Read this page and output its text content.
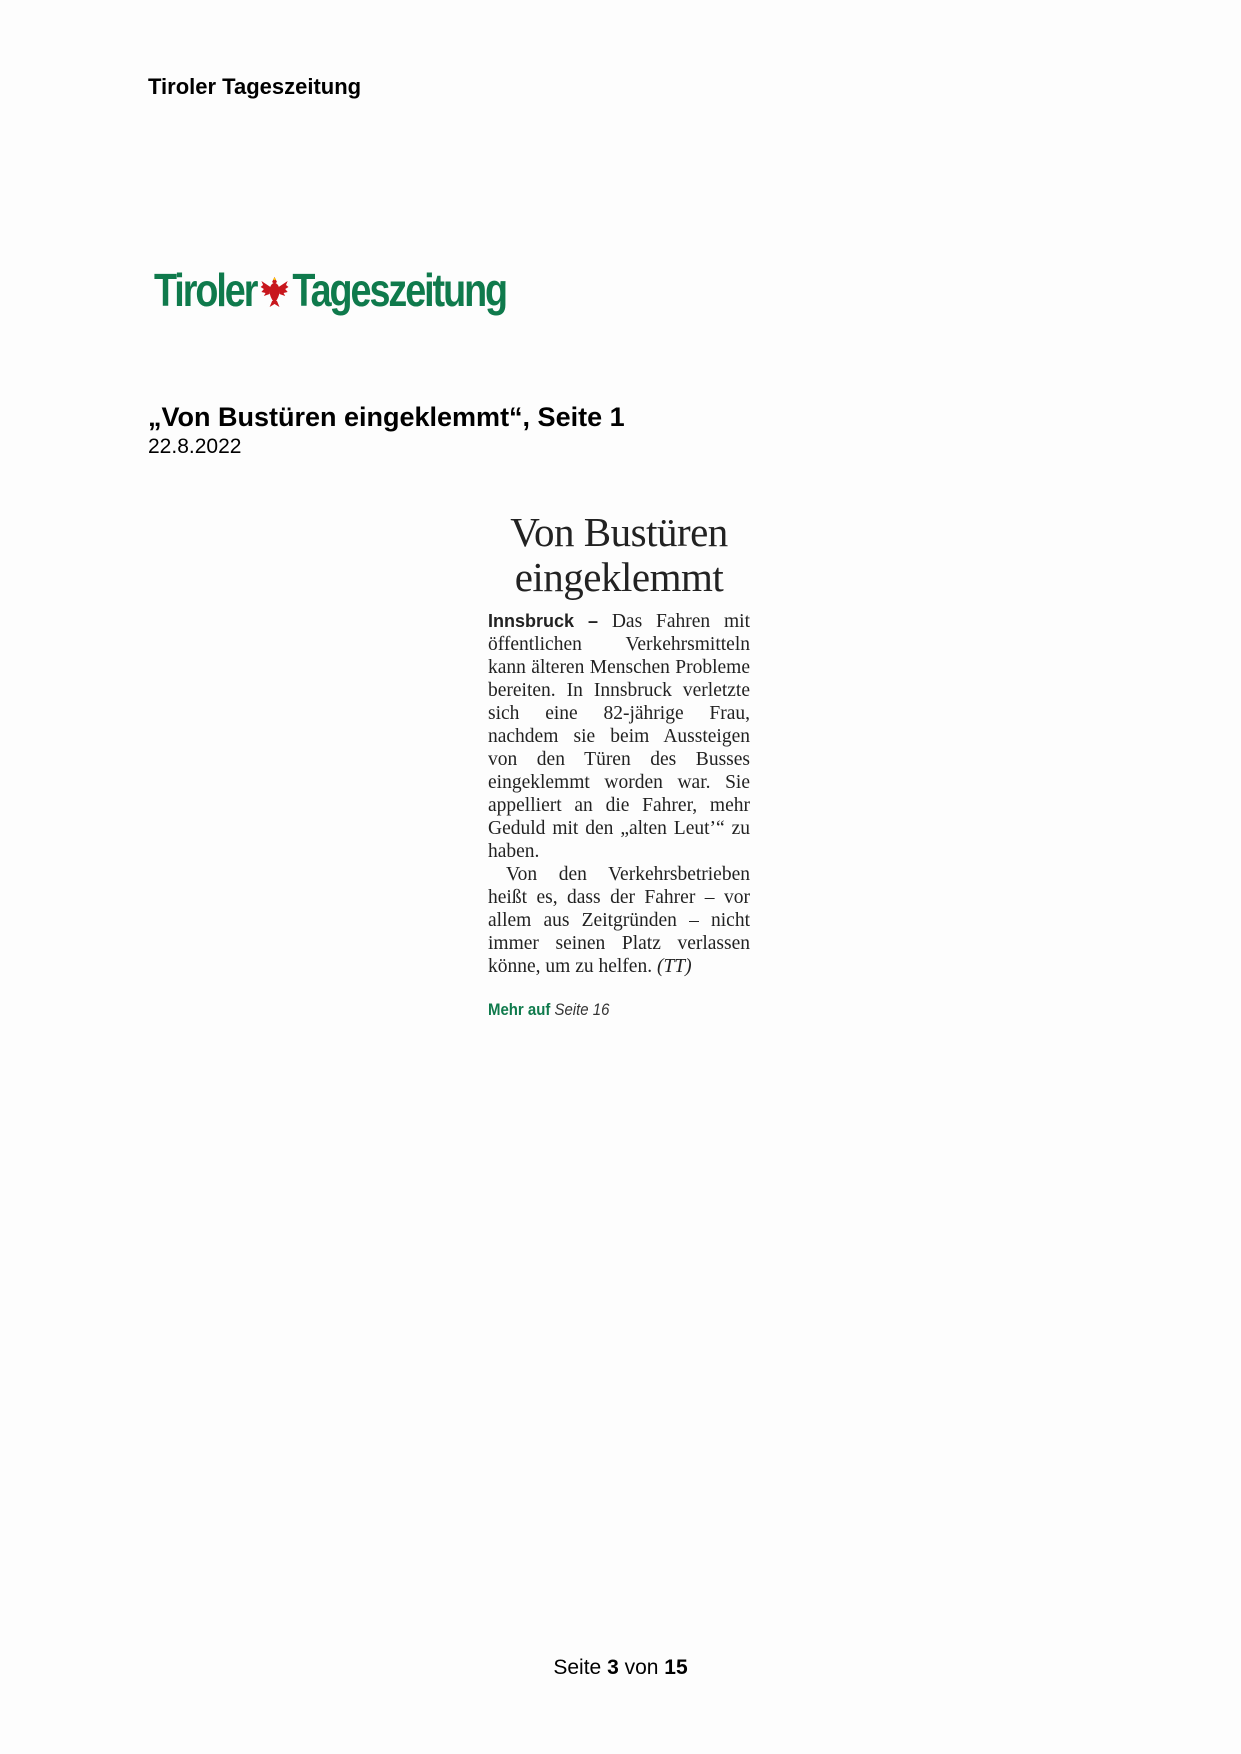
Tiroler Tageszeitung
Tiroler Tageszeitung
„Von Bustüren eingeklemmt“, Seite 1
22.8.2022
Von Bustüren
eingeklemmt

Innsbruck – Das Fahren mit öffentlichen Verkehrsmitteln kann älteren Menschen Probleme bereiten. In Innsbruck verletzte sich eine 82-jährige Frau, nachdem sie beim Aussteigen von den Türen des Busses eingeklemmt worden war. Sie appelliert an die Fahrer, mehr Geduld mit den „alten Leut’“ zu haben.

Von den Verkehrsbetrieben heißt es, dass der Fahrer – vor allem aus Zeitgründen – nicht immer seinen Platz verlassen könne, um zu helfen. (TT)

Mehr auf Seite 16
Seite 3 von 15
